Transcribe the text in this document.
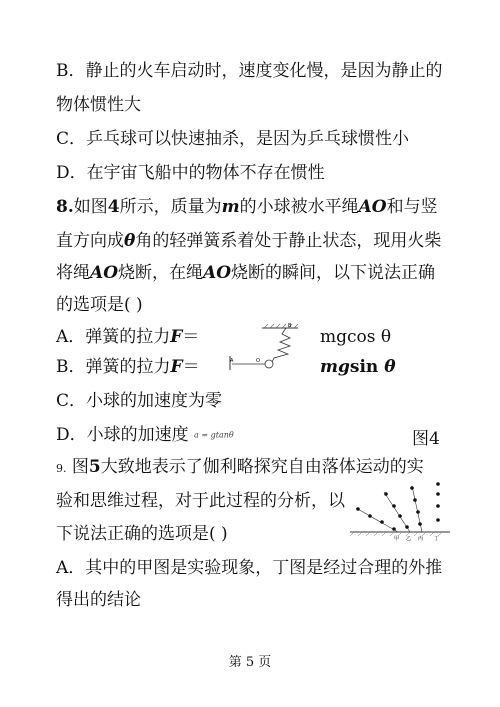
B．静止的火车启动时，速度变化慢，是因为静止的
物体惯性大
C．乒乓球可以快速抽杀，是因为乒乓球惯性小
D．在宇宙飞船中的物体不存在惯性
8.如图4所示，质量为m的小球被水平绳AO和与竖
直方向成θ角的轻弹簧系着处于静止状态，现用火柴
将绳AO烧断，在绳AO烧断的瞬间，以下说法正确
的选项是( )
A．弹簧的拉力F＝	mgcos θ
B．弹簧的拉力F＝	mgsin θ
C．小球的加速度为零
D．小球的加速度 a = gtanθ	图4
B
A	O
9. 图5大致地表示了伽利略探究自由落体运动的实
验和思维过程，对于此过程的分析，以
下说法正确的选项是( )
A．其中的甲图是实验现象，丁图是经过合理的外推
得出的结论
甲 乙 丙 丁
第 5 页
